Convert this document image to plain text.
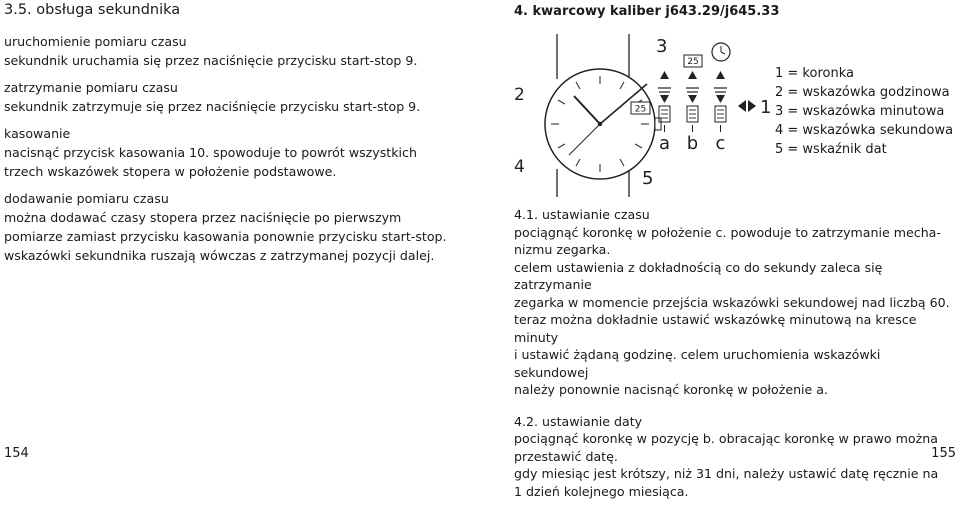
3.5. obsługa sekundnika
uruchomienie pomiaru czasu
sekundnik uruchamia się przez naciśnięcie przycisku start-stop 9.
zatrzymanie pomiaru czasu
sekundnik zatrzymuje się przez naciśnięcie przycisku start-stop 9.
kasowanie
nacisnąć przycisk kasowania 10. spowoduje to powrót wszystkich
trzech wskazówek stopera w położenie podstawowe.
dodawanie pomiaru czasu
można dodawać czasy stopera przez naciśnięcie po pierwszym
pomiarze zamiast przycisku kasowania ponownie przycisku start-stop.
wskazówki sekundnika ruszają wówczas z zatrzymanej pozycji dalej.
154
4. kwarcowy kaliber j643.29/j645.33
25
2
4
3
5
a
25
b c
1
1 = koronka
2 = wskazówka godzinowa
3 = wskazówka minutowa
4 = wskazówka sekundowa
5 = wskaźnik dat
4.1. ustawianie czasu
pociągnąć koronkę w położenie c. powoduje to zatrzymanie mecha-
nizmu zegarka.
celem ustawienia z dokładnością co do sekundy zaleca się zatrzymanie
zegarka w momencie przejścia wskazówki sekundowej nad liczbą 60.
teraz można dokładnie ustawić wskazówkę minutową na kresce minuty
i ustawić żądaną godzinę. celem uruchomienia wskazówki sekundowej
należy ponownie nacisnąć koronkę w położenie a.
4.2. ustawianie daty
pociągnąć koronkę w pozycję b. obracając koronkę w prawo można
przestawić datę.
gdy miesiąc jest krótszy, niż 31 dni, należy ustawić datę ręcznie na
1 dzień kolejnego miesiąca.
155
